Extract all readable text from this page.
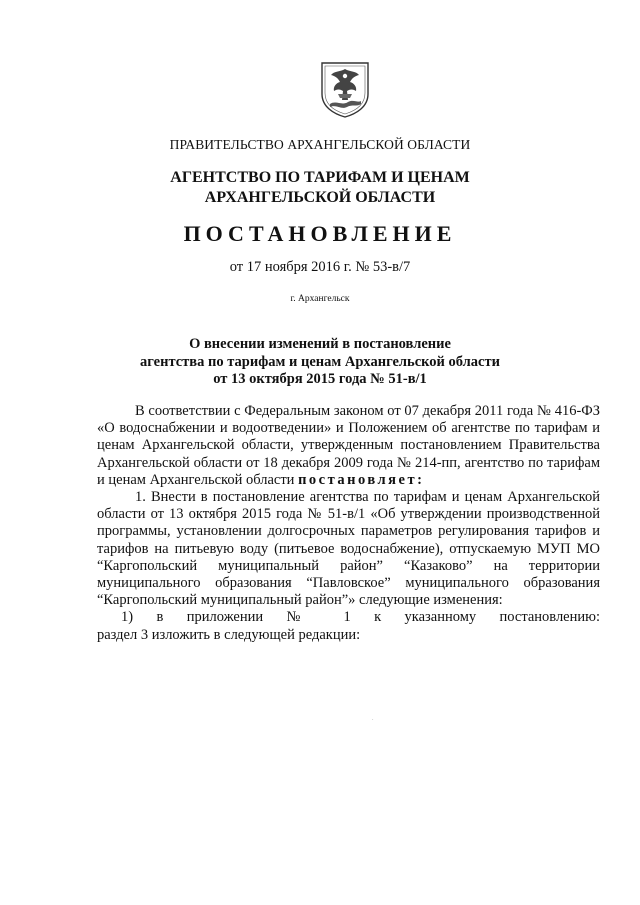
ПРАВИТЕЛЬСТВО АРХАНГЕЛЬСКОЙ ОБЛАСТИ
АГЕНТСТВО ПО ТАРИФАМ И ЦЕНАМ
АРХАНГЕЛЬСКОЙ ОБЛАСТИ
ПОСТАНОВЛЕНИЕ
от 17 ноября 2016 г. № 53-в/7
г. Архангельск
О внесении изменений в постановление
агентства по тарифам и ценам Архангельской области
от 13 октября 2015 года № 51-в/1

В соответствии с Федеральным законом от 07 декабря 2011 года № 416-ФЗ «О водоснабжении и водоотведении» и Положением об агентстве по тарифам и ценам Архангельской области, утвержденным постановлением Правительства Архангельской области от 18 декабря 2009 года № 214-пп, агентство по тарифам и ценам Архангельской области постановляет:

1. Внести в постановление агентства по тарифам и ценам Архангельской области от 13 октября 2015 года № 51-в/1 «Об утверждении производственной программы, установлении долгосрочных параметров регулирования тарифов и тарифов на питьевую воду (питьевое водоснабжение), отпускаемую МУП МО “Каргопольский муниципальный район” “Казаково” на территории муниципального образования “Павловское” муниципального образования “Каргопольский муниципальный район”» следующие изменения:

1) в приложении № 1 к указанному постановлению:

раздел 3 изложить в следующей редакции:

.
